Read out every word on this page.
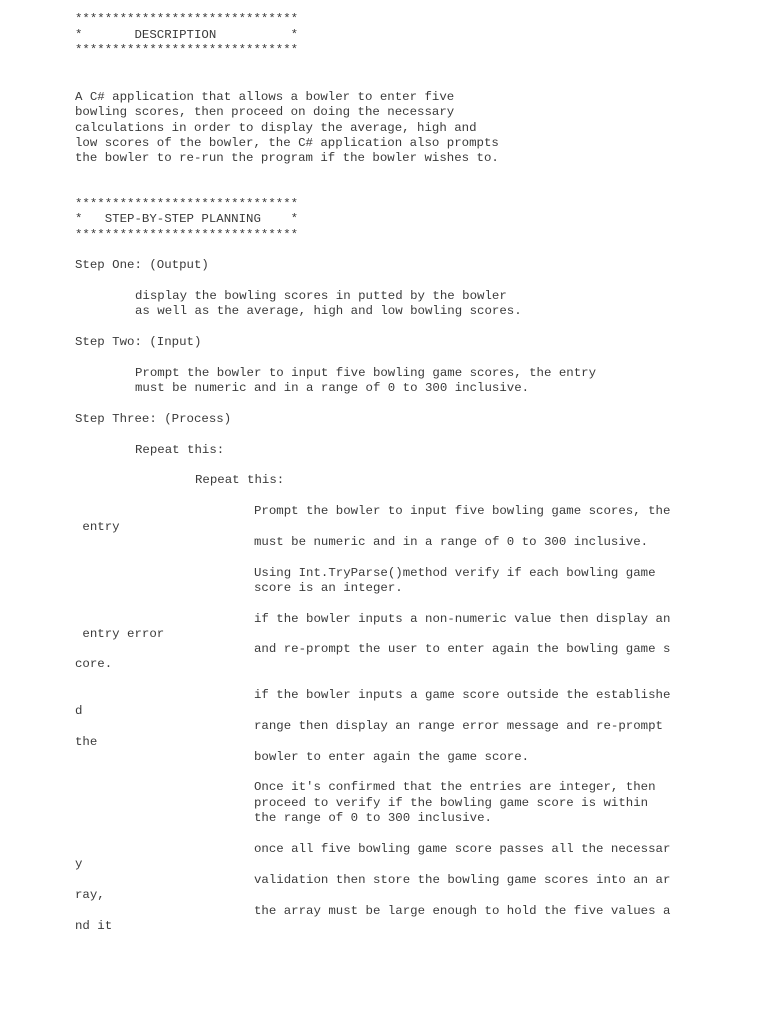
******************************
*       DESCRIPTION          *
******************************
A C# application that allows a bowler to enter five
bowling scores, then proceed on doing the necessary
calculations in order to display the average, high and
low scores of the bowler, the C# application also prompts
the bowler to re-run the program if the bowler wishes to.
******************************
*   STEP-BY-STEP PLANNING    *
******************************
Step One: (Output)
display the bowling scores in putted by the bowler
as well as the average, high and low bowling scores.
Step Two: (Input)
Prompt the bowler to input five bowling game scores, the entry
must be numeric and in a range of 0 to 300 inclusive.
Step Three: (Process)
Repeat this:
Repeat this:
Prompt the bowler to input five bowling game scores, the
entry
must be numeric and in a range of 0 to 300 inclusive.
Using Int.TryParse()method verify if each bowling game
score is an integer.
if the bowler inputs a non-numeric value then display an
entry error
and re-prompt the user to enter again the bowling game s
core.
if the bowler inputs a game score outside the establishe
d
range then display an range error message and re-prompt
the
bowler to enter again the game score.
Once it's confirmed that the entries are integer, then
proceed to verify if the bowling game score is within
the range of 0 to 300 inclusive.
once all five bowling game score passes all the necessar
y
validation then store the bowling game scores into an ar
ray,
the array must be large enough to hold the five values a
nd it
